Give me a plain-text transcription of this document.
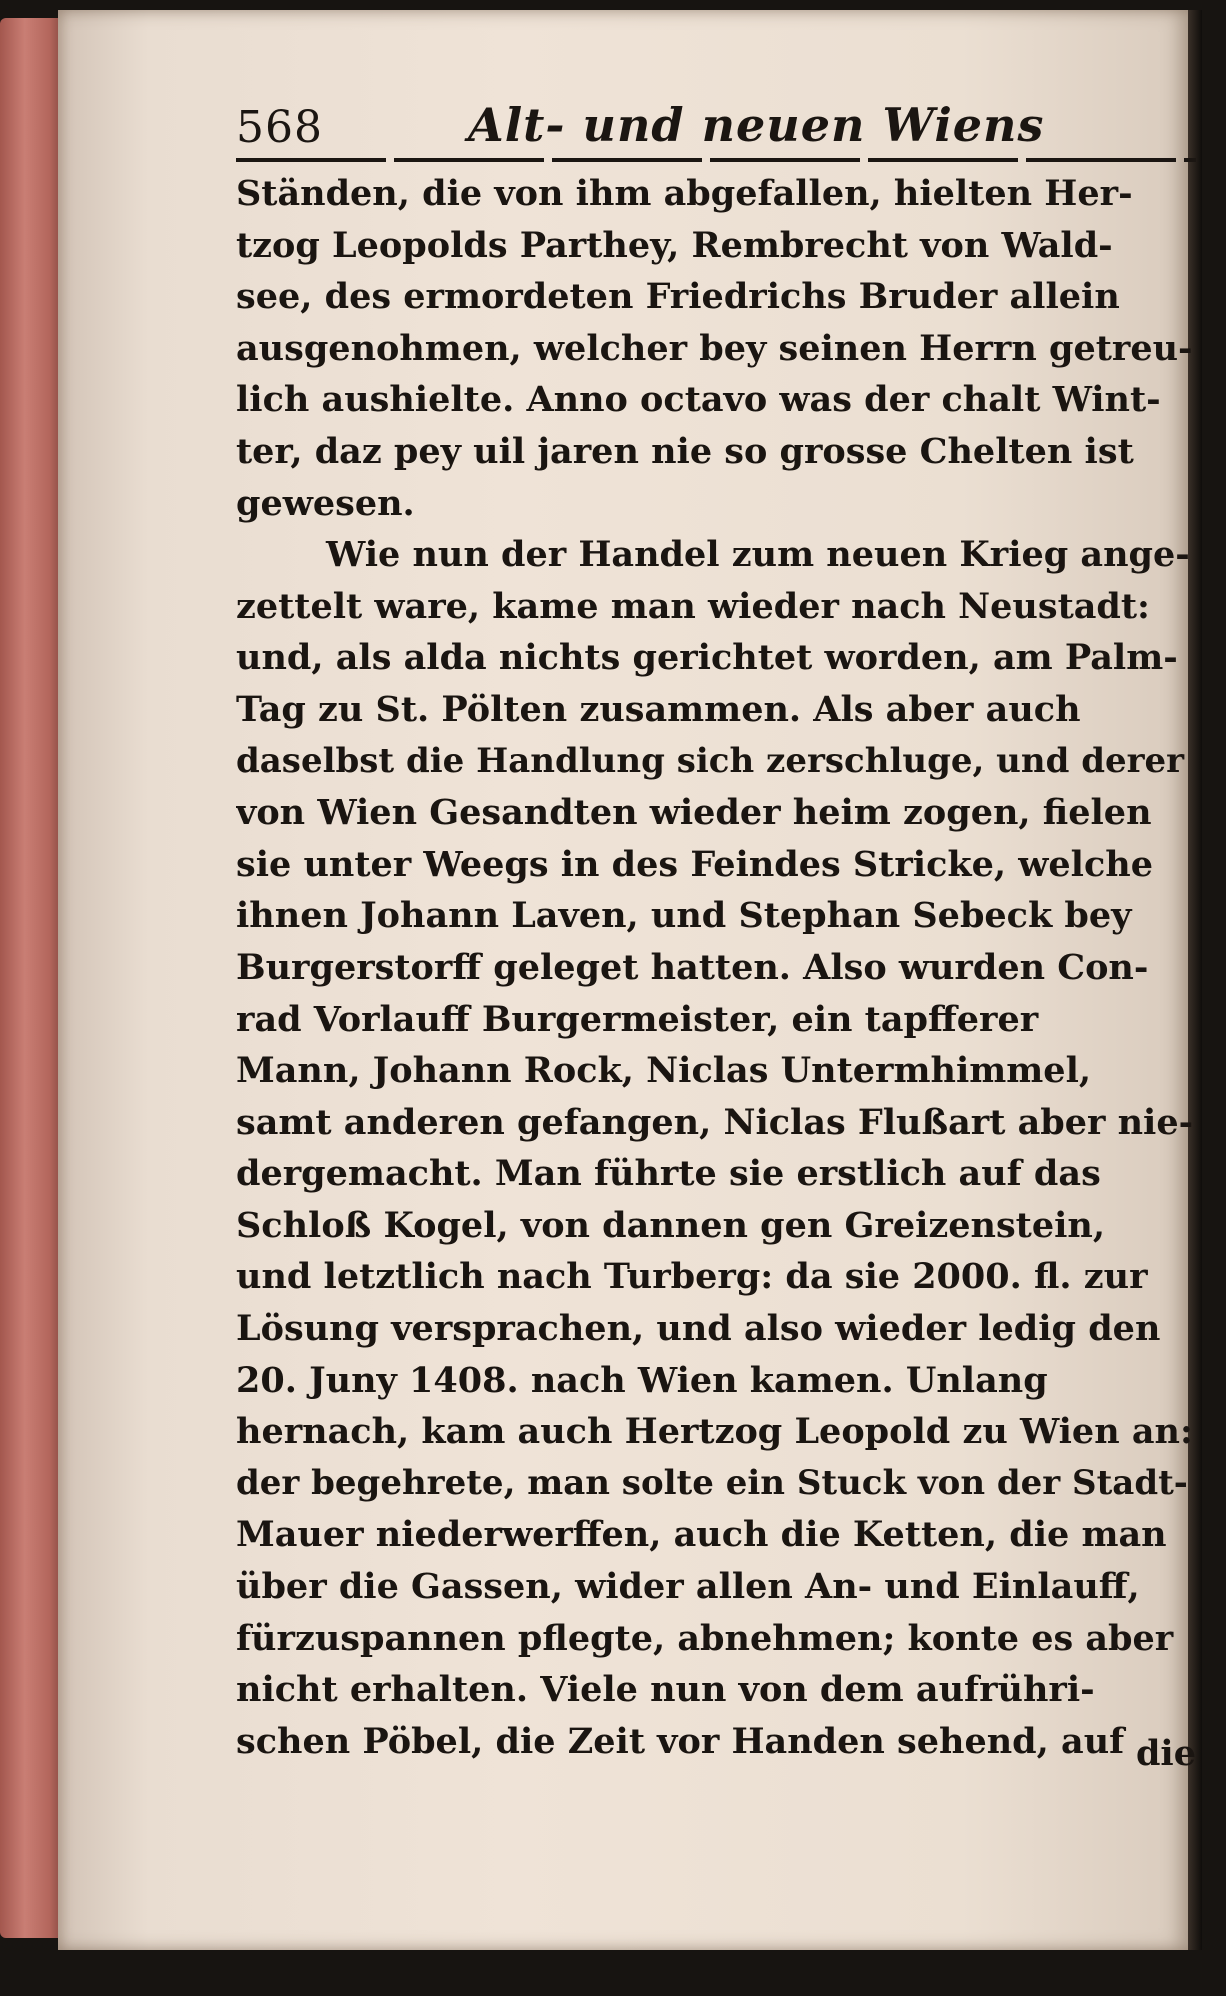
568	Alt- und neuen Wiens
Ständen, die von ihm abgefallen, hielten Her-
tzog Leopolds Parthey, Rembrecht von Wald-
see, des ermordeten Friedrichs Bruder allein
ausgenohmen, welcher bey seinen Herrn getreu-
lich aushielte. Anno octavo was der chalt Wint-
ter, daz pey uil jaren nie so grosse Chelten ist
gewesen.
Wie nun der Handel zum neuen Krieg ange-
zettelt ware, kame man wieder nach Neustadt:
und, als alda nichts gerichtet worden, am Palm-
Tag zu St. Pölten zusammen. Als aber auch
daselbst die Handlung sich zerschluge, und derer
von Wien Gesandten wieder heim zogen, fielen
sie unter Weegs in des Feindes Stricke, welche
ihnen Johann Laven, und Stephan Sebeck bey
Burgerstorff geleget hatten. Also wurden Con-
rad Vorlauff Burgermeister, ein tapfferer
Mann, Johann Rock, Niclas Untermhimmel,
samt anderen gefangen, Niclas Flußart aber nie-
dergemacht. Man führte sie erstlich auf das
Schloß Kogel, von dannen gen Greizenstein,
und letztlich nach Turberg: da sie 2000. fl. zur
Lösung versprachen, und also wieder ledig den
20. Juny 1408. nach Wien kamen. Unlang
hernach, kam auch Hertzog Leopold zu Wien an:
der begehrete, man solte ein Stuck von der Stadt-
Mauer niederwerffen, auch die Ketten, die man
über die Gassen, wider allen An- und Einlauff,
fürzuspannen pflegte, abnehmen; konte es aber
nicht erhalten. Viele nun von dem aufrühri-
schen Pöbel, die Zeit vor Handen sehend, auf die
